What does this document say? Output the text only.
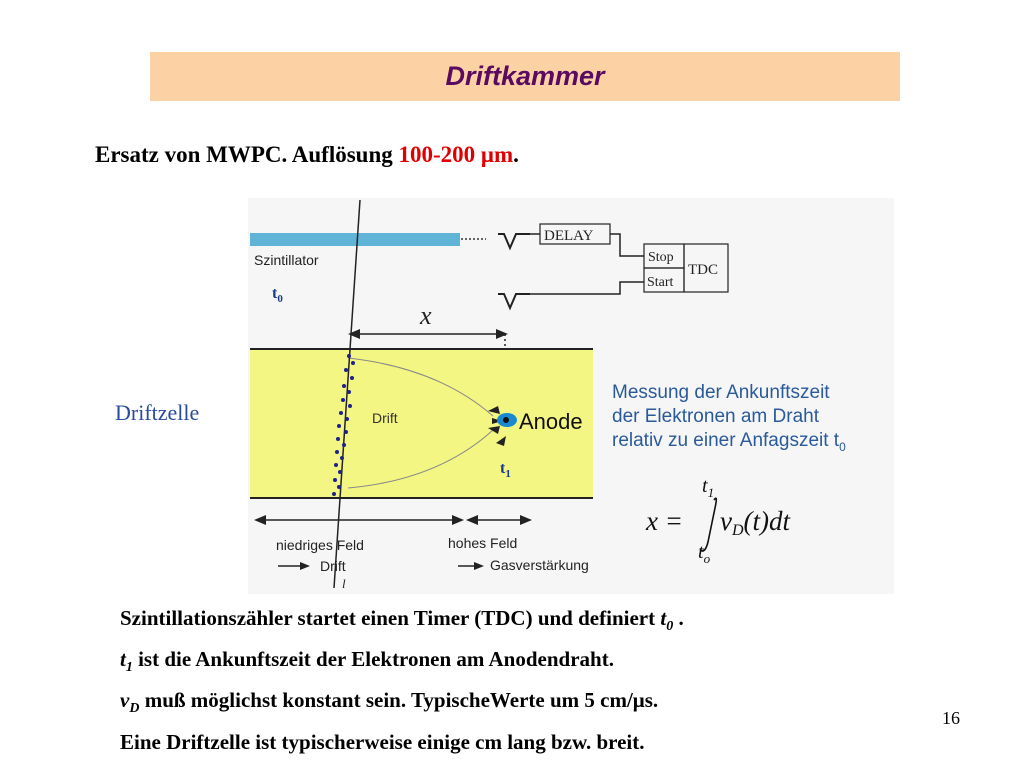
Driftkammer
Ersatz von MWPC. Auflösung 100-200 μm.
Szintillator
$t_0$
DELAY
Stop
Start
TDC
x
Drift	Anode
$t_1$
niedriges Feld	hohes Feld
Drift	Gasverstärkung
l
x =
$t_1$
vD(t)dt
$t_o$
Driftzelle
Messung der Ankunftszeit
der Elektronen am Draht
relativ zu einer Anfagszeit $t_0$
Szintillationszähler startet einen Timer (TDC) und definiert $t_0$ .
$t_1$ ist die Ankunftszeit der Elektronen am Anodendraht.
$v_D$ muß möglichst konstant sein. TypischeWerte um 5 cm/μs.
Eine Driftzelle ist typischerweise einige cm lang bzw. breit.
16
